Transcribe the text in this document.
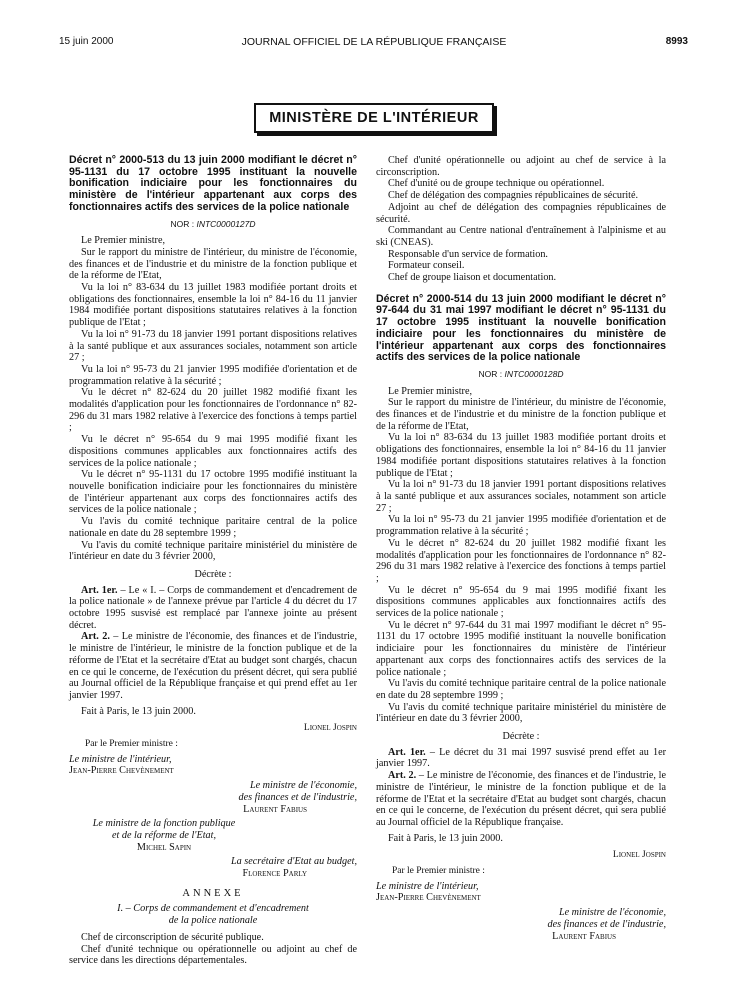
15 juin 2000	JOURNAL OFFICIEL DE LA RÉPUBLIQUE FRANÇAISE	8993
MINISTÈRE DE L'INTÉRIEUR

Décret n° 2000-513 du 13 juin 2000 modifiant le décret n° 95-1131 du 17 octobre 1995 instituant la nouvelle bonification indiciaire pour les fonctionnaires du ministère de l'intérieur appartenant aux corps des fonctionnaires actifs des services de la police nationale

NOR : INTC0000127D

Le Premier ministre,

Sur le rapport du ministre de l'intérieur, du ministre de l'économie, des finances et de l'industrie et du ministre de la fonction publique et de la réforme de l'Etat,

Vu la loi n° 83-634 du 13 juillet 1983 modifiée portant droits et obligations des fonctionnaires, ensemble la loi n° 84-16 du 11 janvier 1984 modifiée portant dispositions statutaires relatives à la fonction publique de l'Etat ;

Vu la loi n° 91-73 du 18 janvier 1991 portant dispositions relatives à la santé publique et aux assurances sociales, notamment son article 27 ;

Vu la loi n° 95-73 du 21 janvier 1995 modifiée d'orientation et de programmation relative à la sécurité ;

Vu le décret n° 82-624 du 20 juillet 1982 modifié fixant les modalités d'application pour les fonctionnaires de l'ordonnance n° 82-296 du 31 mars 1982 relative à l'exercice des fonctions à temps partiel ;

Vu le décret n° 95-654 du 9 mai 1995 modifié fixant les dispositions communes applicables aux fonctionnaires actifs des services de la police nationale ;

Vu le décret n° 95-1131 du 17 octobre 1995 modifié instituant la nouvelle bonification indiciaire pour les fonctionnaires du ministère de l'intérieur appartenant aux corps des fonctionnaires actifs des services de la police nationale ;

Vu l'avis du comité technique paritaire central de la police nationale en date du 28 septembre 1999 ;

Vu l'avis du comité technique paritaire ministériel du ministère de l'intérieur en date du 3 février 2000,

Décrète :

Art. 1er. – Le « I. – Corps de commandement et d'encadrement de la police nationale » de l'annexe prévue par l'article 4 du décret du 17 octobre 1995 susvisé est remplacé par l'annexe jointe au présent décret.

Art. 2. – Le ministre de l'économie, des finances et de l'industrie, le ministre de l'intérieur, le ministre de la fonction publique et de la réforme de l'Etat et la secrétaire d'Etat au budget sont chargés, chacun en ce qui le concerne, de l'exécution du présent décret, qui sera publié au Journal officiel de la République française et qui prend effet au 1er janvier 1997.

Fait à Paris, le 13 juin 2000.

Lionel Jospin

Par le Premier ministre :
Le ministre de l'intérieur,
Jean-Pierre Chevènement
Le ministre de l'économie,
des finances et de l'industrie,
Laurent Fabius
Le ministre de la fonction publique
et de la réforme de l'Etat,
Michel Sapin
La secrétaire d'Etat au budget,
Florence Parly
ANNEXE
I. – Corps de commandement et d'encadrement
de la police nationale

Chef de circonscription de sécurité publique.

Chef d'unité technique ou opérationnelle ou adjoint au chef de service dans les directions départementales.

Chef d'unité opérationnelle ou adjoint au chef de service à la circonscription.

Chef d'unité ou de groupe technique ou opérationnel.

Chef de délégation des compagnies républicaines de sécurité.

Adjoint au chef de délégation des compagnies républicaines de sécurité.

Commandant au Centre national d'entraînement à l'alpinisme et au ski (CNEAS).

Responsable d'un service de formation.

Formateur conseil.

Chef de groupe liaison et documentation.

Décret n° 2000-514 du 13 juin 2000 modifiant le décret n° 97-644 du 31 mai 1997 modifiant le décret n° 95-1131 du 17 octobre 1995 instituant la nouvelle bonification indiciaire pour les fonctionnaires du ministère de l'intérieur appartenant aux corps des fonctionnaires actifs des services de la police nationale

NOR : INTC0000128D

Le Premier ministre,

Sur le rapport du ministre de l'intérieur, du ministre de l'économie, des finances et de l'industrie et du ministre de la fonction publique et de la réforme de l'Etat,

Vu la loi n° 83-634 du 13 juillet 1983 modifiée portant droits et obligations des fonctionnaires, ensemble la loi n° 84-16 du 11 janvier 1984 modifiée portant dispositions statutaires relatives à la fonction publique de l'Etat ;

Vu la loi n° 91-73 du 18 janvier 1991 portant dispositions relatives à la santé publique et aux assurances sociales, notamment son article 27 ;

Vu la loi n° 95-73 du 21 janvier 1995 modifiée d'orientation et de programmation relative à la sécurité ;

Vu le décret n° 82-624 du 20 juillet 1982 modifié fixant les modalités d'application pour les fonctionnaires de l'ordonnance n° 82-296 du 31 mars 1982 relative à l'exercice des fonctions à temps partiel ;

Vu le décret n° 95-654 du 9 mai 1995 modifié fixant les dispositions communes applicables aux fonctionnaires actifs des services de la police nationale ;

Vu le décret n° 97-644 du 31 mai 1997 modifiant le décret n° 95-1131 du 17 octobre 1995 modifié instituant la nouvelle bonification indiciaire pour les fonctionnaires du ministère de l'intérieur appartenant aux corps des fonctionnaires actifs des services de la police nationale ;

Vu l'avis du comité technique paritaire central de la police nationale en date du 28 septembre 1999 ;

Vu l'avis du comité technique paritaire ministériel du ministère de l'intérieur en date du 3 février 2000,

Décrète :

Art. 1er. – Le décret du 31 mai 1997 susvisé prend effet au 1er janvier 1997.

Art. 2. – Le ministre de l'économie, des finances et de l'industrie, le ministre de l'intérieur, le ministre de la fonction publique et de la réforme de l'Etat et la secrétaire d'Etat au budget sont chargés, chacun en ce qui le concerne, de l'exécution du présent décret, qui sera publié au Journal officiel de la République française.

Fait à Paris, le 13 juin 2000.

Lionel Jospin

Par le Premier ministre :
Le ministre de l'intérieur,
Jean-Pierre Chevènement
Le ministre de l'économie,
des finances et de l'industrie,
Laurent Fabius
